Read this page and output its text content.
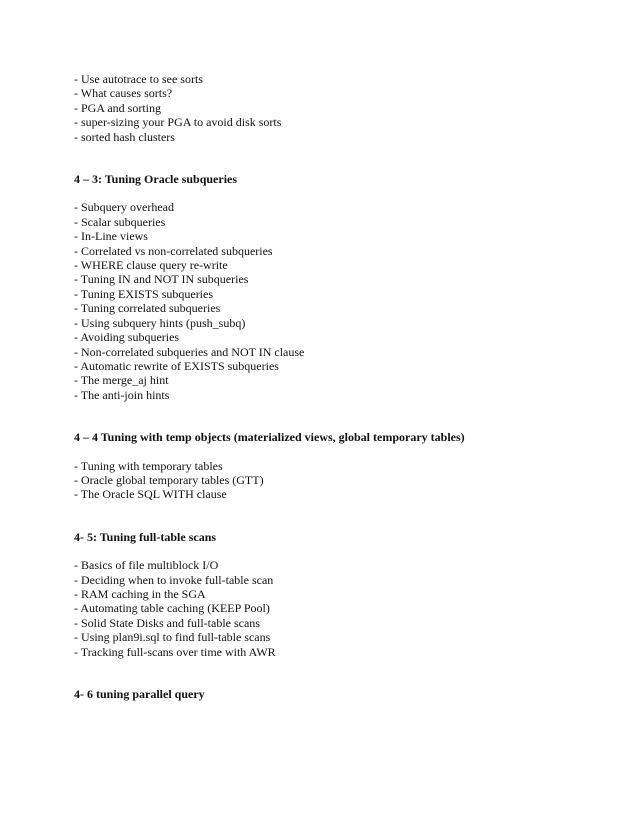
- Use autotrace to see sorts
- What causes sorts?
- PGA and sorting
- super-sizing your PGA to avoid disk sorts
- sorted hash clusters
4 – 3: Tuning Oracle subqueries
- Subquery overhead
- Scalar subqueries
- In-Line views
- Correlated vs non-correlated subqueries
- WHERE clause query re-write
- Tuning IN and NOT IN subqueries
- Tuning EXISTS subqueries
- Tuning correlated subqueries
- Using subquery hints (push_subq)
- Avoiding subqueries
- Non-correlated subqueries and NOT IN clause
- Automatic rewrite of EXISTS subqueries
- The merge_aj hint
- The anti-join hints
4 – 4 Tuning with temp objects (materialized views, global temporary tables)
- Tuning with temporary tables
- Oracle global temporary tables (GTT)
- The Oracle SQL WITH clause
4- 5: Tuning full-table scans
- Basics of file multiblock I/O
- Deciding when to invoke full-table scan
- RAM caching in the SGA
- Automating table caching (KEEP Pool)
- Solid State Disks and full-table scans
- Using plan9i.sql to find full-table scans
- Tracking full-scans over time with AWR
4- 6 tuning parallel query
